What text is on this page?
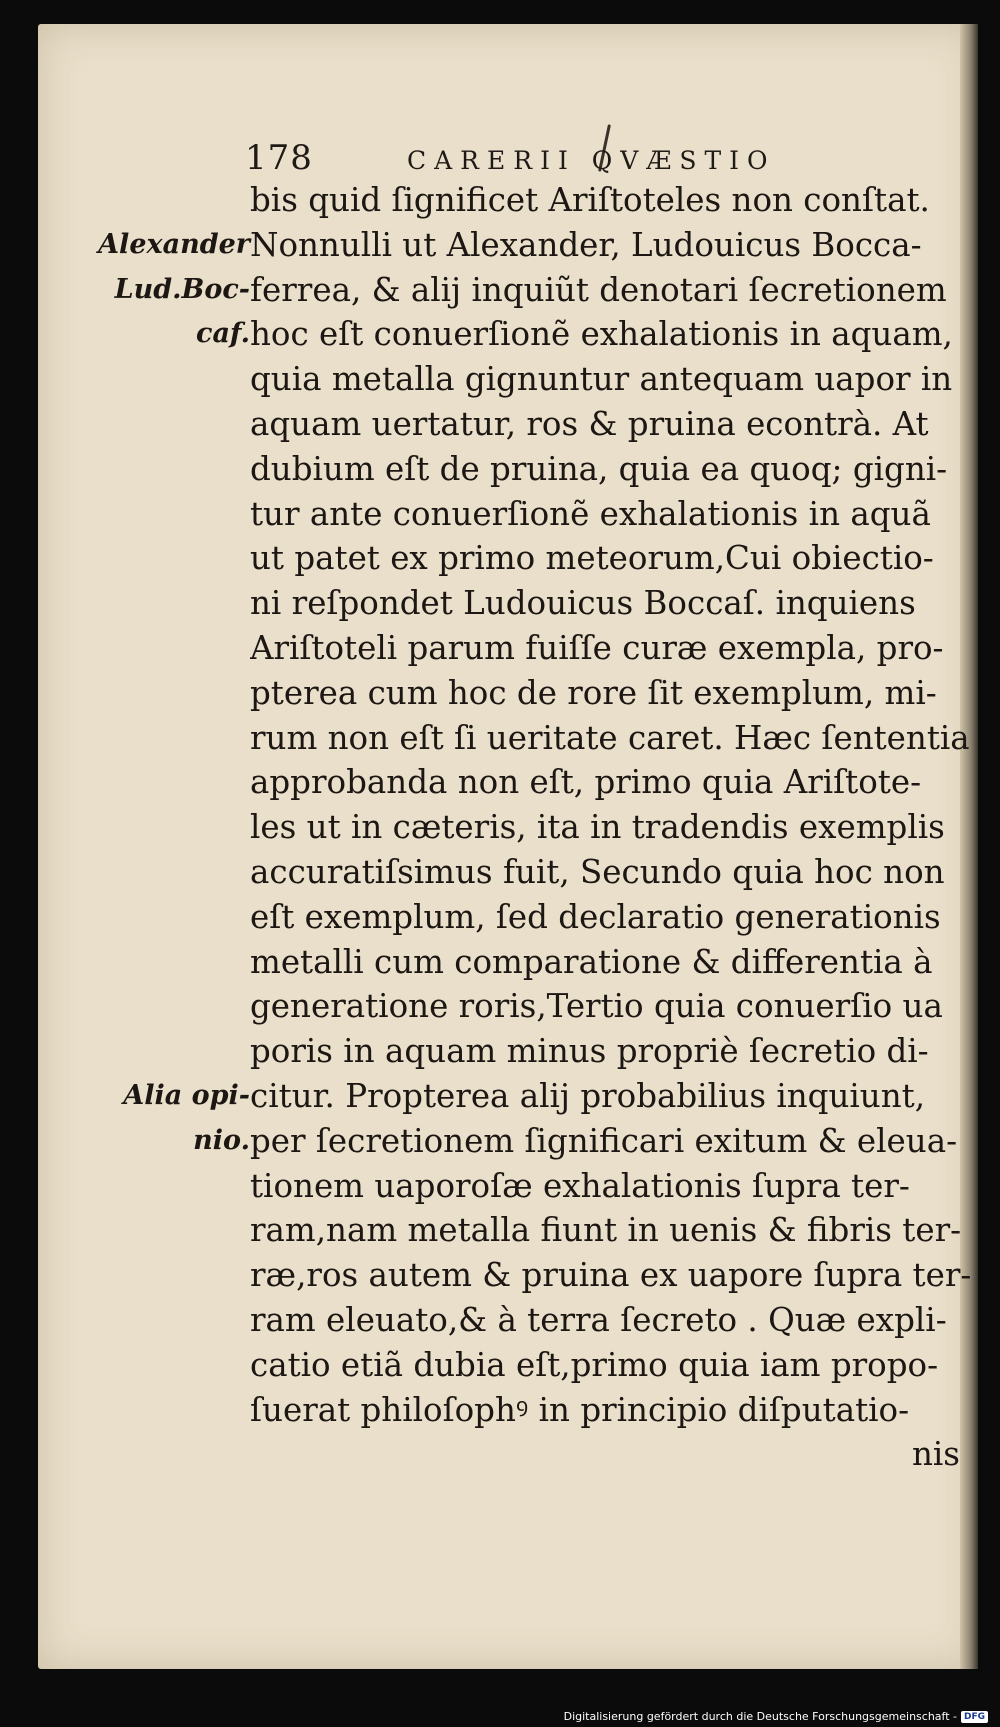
178	CARERII QVÆSTIO
Alexander
Lud.Boc-
caf.
Alia opi-
nio.
bis quid ſignificet Ariſtoteles non conſtat.
Nonnulli ut Alexander, Ludouicus Bocca-
ferrea, & alij inquiũt denotari ſecretionem
hoc eſt conuerſionẽ exhalationis in aquam,
quia metalla gignuntur antequam uapor in
aquam uertatur, ros & pruina econtrà. At
dubium eſt de pruina, quia ea quoq; gigni-
tur ante conuerſionẽ exhalationis in aquã
ut patet ex primo meteorum,Cui obiectio-
ni reſpondet Ludouicus Boccaſ. inquiens
Ariſtoteli parum fuiſſe curæ exempla, pro-
pterea cum hoc de rore ſit exemplum, mi-
rum non eſt ſi ueritate caret. Hæc ſententia
approbanda non eſt, primo quia Ariſtote-
les ut in cæteris, ita in tradendis exemplis
accuratiſsimus fuit, Secundo quia hoc non
eſt exemplum, ſed declaratio generationis
metalli cum comparatione & differentia à
generatione roris,Tertio quia conuerſio ua
poris in aquam minus propriè ſecretio di-
citur. Propterea alij probabilius inquiunt,
per ſecretionem ſignificari exitum & eleua-
tionem uaporoſæ exhalationis ſupra ter-
ram,nam metalla fiunt in uenis & fibris ter-
ræ,ros autem & pruina ex uapore ſupra ter-
ram eleuato,& à terra ſecreto . Quæ expli-
catio etiã dubia eſt,primo quia iam propo-
ſuerat philoſophꝰ in principio diſputatio-
nis
Digitalisierung gefördert durch die Deutsche Forschungsgemeinschaft - DFG
